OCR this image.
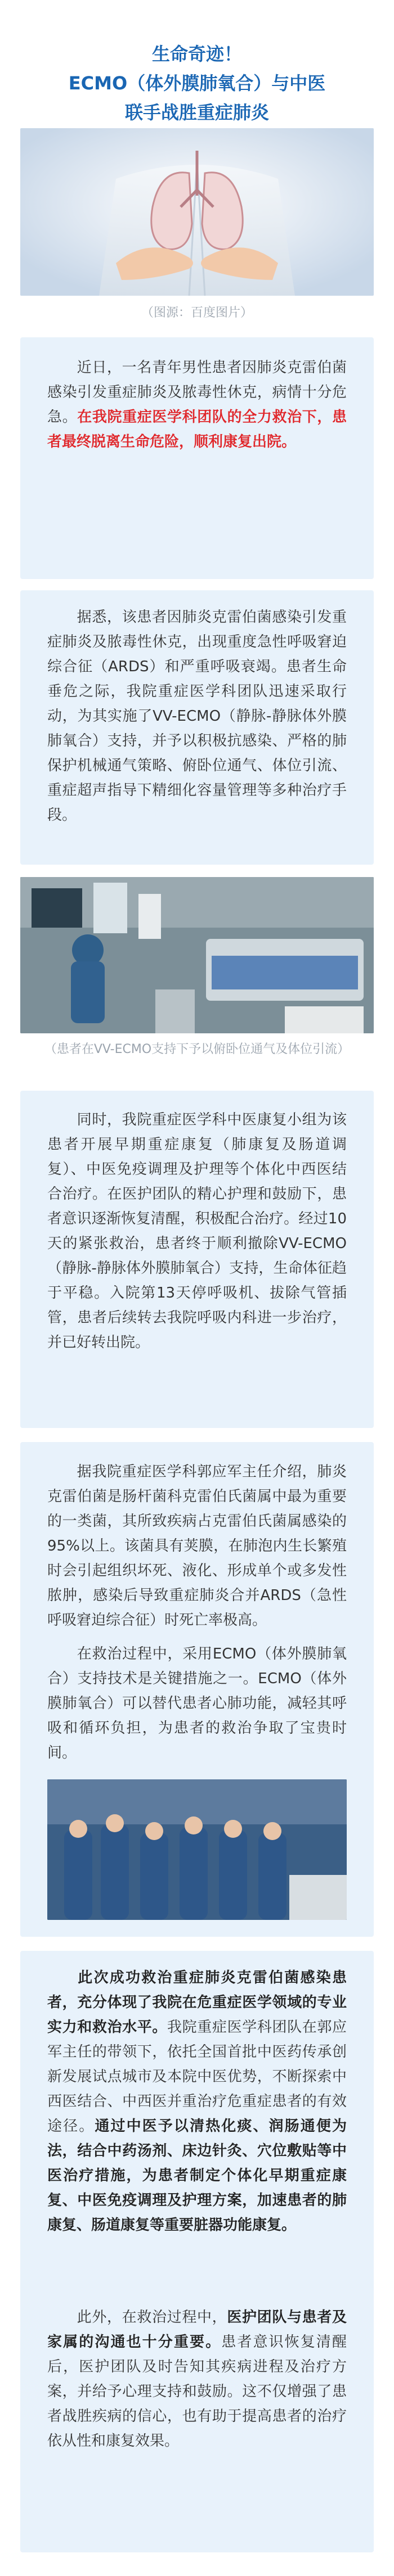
生命奇迹！
ECMO（体外膜肺氧合）与中医
联手战胜重症肺炎
（图源：百度图片）
近日，一名青年男性患者因肺炎克雷伯菌感染引发重症肺炎及脓毒性休克，病情十分危急。在我院重症医学科团队的全力救治下，患者最终脱离生命危险，顺利康复出院。
据悉，该患者因肺炎克雷伯菌感染引发重症肺炎及脓毒性休克，出现重度急性呼吸窘迫综合征（ARDS）和严重呼吸衰竭。患者生命垂危之际，我院重症医学科团队迅速采取行动，为其实施了VV-ECMO（静脉-静脉体外膜肺氧合）支持，并予以积极抗感染、严格的肺保护机械通气策略、俯卧位通气、体位引流、重症超声指导下精细化容量管理等多种治疗手段。
（患者在VV-ECMO支持下予以俯卧位通气及体位引流）
同时，我院重症医学科中医康复小组为该患者开展早期重症康复（肺康复及肠道调复）、中医免疫调理及护理等个体化中西医结合治疗。在医护团队的精心护理和鼓励下，患者意识逐渐恢复清醒，积极配合治疗。经过10天的紧张救治，患者终于顺利撤除VV-ECMO（静脉-静脉体外膜肺氧合）支持，生命体征趋于平稳。入院第13天停呼吸机、拔除气管插管，患者后续转去我院呼吸内科进一步治疗，并已好转出院。
据我院重症医学科郭应军主任介绍，肺炎克雷伯菌是肠杆菌科克雷伯氏菌属中最为重要的一类菌，其所致疾病占克雷伯氏菌属感染的95%以上。该菌具有荚膜，在肺泡内生长繁殖时会引起组织坏死、液化、形成单个或多发性脓肿，感染后导致重症肺炎合并ARDS（急性呼吸窘迫综合征）时死亡率极高。
在救治过程中，采用ECMO（体外膜肺氧合）支持技术是关键措施之一。ECMO（体外膜肺氧合）可以替代患者心肺功能，减轻其呼吸和循环负担，为患者的救治争取了宝贵时间。
此次成功救治重症肺炎克雷伯菌感染患者，充分体现了我院在危重症医学领域的专业实力和救治水平。我院重症医学科团队在郭应军主任的带领下，依托全国首批中医药传承创新发展试点城市及本院中医优势，不断探索中西医结合、中西医并重治疗危重症患者的有效途径。通过中医予以清热化痰、润肠通便为法，结合中药汤剂、床边针灸、穴位敷贴等中医治疗措施，为患者制定个体化早期重症康复、中医免疫调理及护理方案，加速患者的肺康复、肠道康复等重要脏器功能康复。
此外，在救治过程中，医护团队与患者及家属的沟通也十分重要。患者意识恢复清醒后，医护团队及时告知其疾病进程及治疗方案，并给予心理支持和鼓励。这不仅增强了患者战胜疾病的信心，也有助于提高患者的治疗依从性和康复效果。
